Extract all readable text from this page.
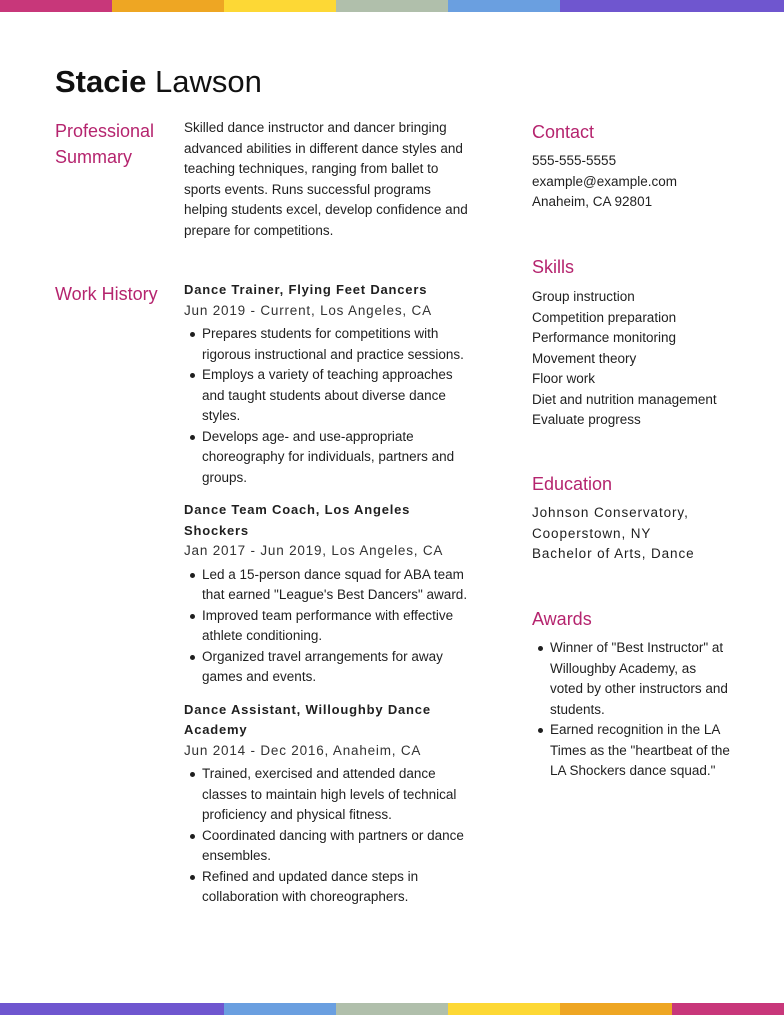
Stacie Lawson
Professional
Summary

Skilled dance instructor and dancer bringing advanced abilities in different dance styles and teaching techniques, ranging from ballet to sports events. Runs successful programs helping students excel, develop confidence and prepare for competitions.

Work History	Dance Trainer, Flying Feet Dancers

Jun 2019 - Current, Los Angeles, CA

Prepares students for competitions with rigorous instructional and practice sessions.
Employs a variety of teaching approaches and taught students about diverse dance styles.
Develops age- and use-appropriate choreography for individuals, partners and groups.

Dance Team Coach, Los Angeles Shockers

Jan 2017 - Jun 2019, Los Angeles, CA

Led a 15-person dance squad for ABA team that earned "League's Best Dancers" award.
Improved team performance with effective athlete conditioning.
Organized travel arrangements for away games and events.

Dance Assistant, Willoughby Dance Academy

Jun 2014 - Dec 2016, Anaheim, CA

Trained, exercised and attended dance classes to maintain high levels of technical proficiency and physical fitness.
Coordinated dancing with partners or dance ensembles.
Refined and updated dance steps in collaboration with choreographers.
Contact

555-555-5555

example@example.com

Anaheim, CA 92801

Skills

Group instruction

Competition preparation

Performance monitoring

Movement theory

Floor work

Diet and nutrition management

Evaluate progress

Education

Johnson Conservatory,

Cooperstown, NY

Bachelor of Arts, Dance

Awards
Winner of "Best Instructor" at Willoughby Academy, as voted by other instructors and students.
Earned recognition in the LA Times as the "heartbeat of the LA Shockers dance squad."
